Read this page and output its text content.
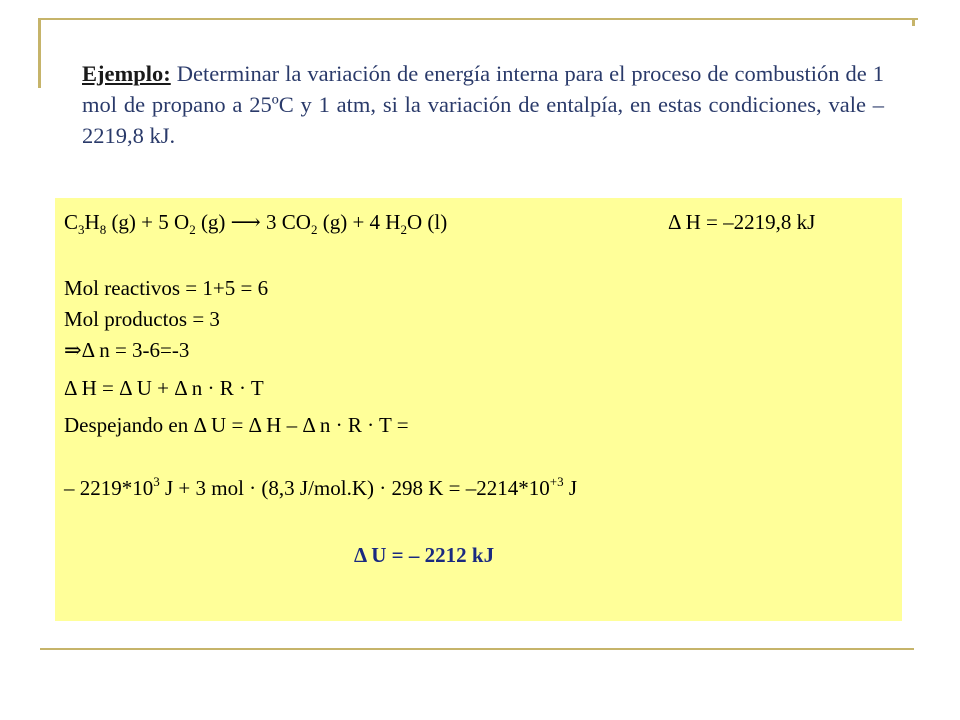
Ejemplo: Determinar la variación de energía interna para el proceso de combustión de 1 mol de propano a 25ºC y 1 atm, si la variación de entalpía, en estas condiciones, vale – 2219,8 kJ.
$C_3H_8$ (g) + 5 $O_2$ (g) ⟶ 3 $CO_2$ (g) + 4 $H_2O$ (l)	Δ H = –2219,8 kJ
Mol reactivos = 1+5 = 6
Mol productos = 3
⇒Δ n = 3-6=-3
Δ H = Δ U + Δ n · R · T
Despejando en Δ U = Δ H – Δ n · R · T =
– $2219*10^3$ J + 3 mol · (8,3 J/mol.K) · 298 $K = -2214*10^{+3}$ J
Δ U = – 2212 kJ
